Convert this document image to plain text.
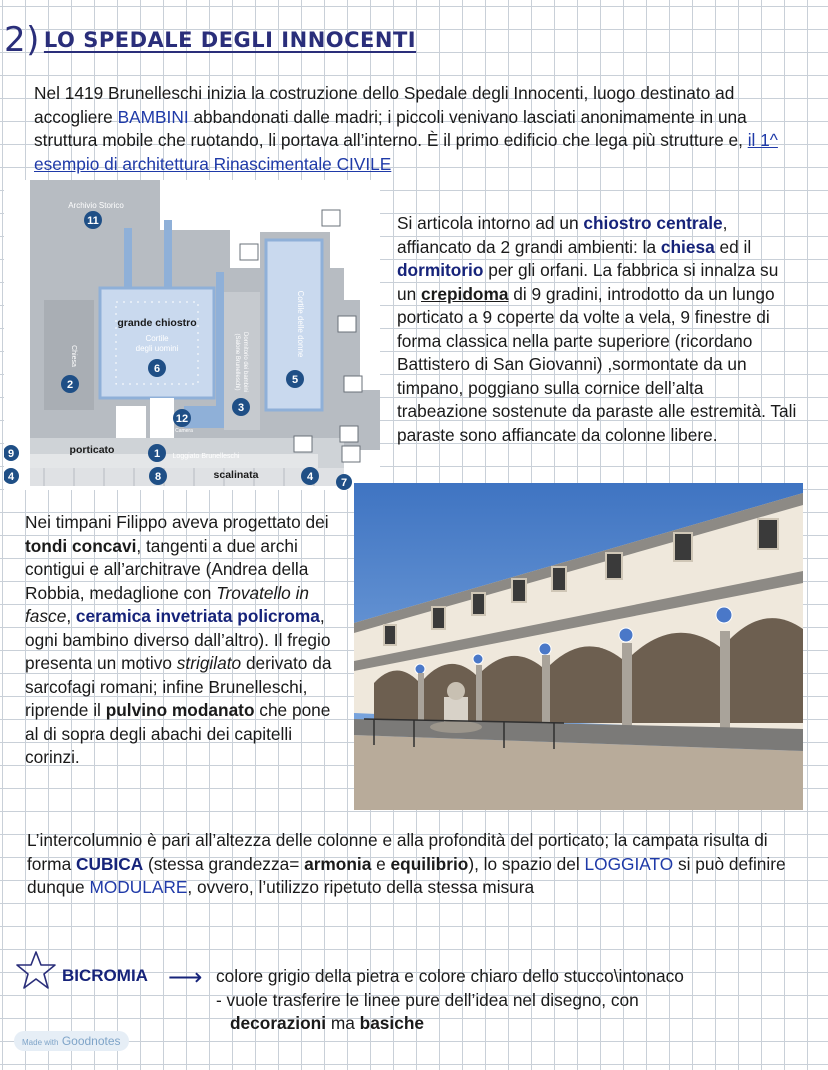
2) LO SPEDALE DEGLI INNOCENTI
Nel 1419 Brunelleschi inizia la costruzione dello Spedale degli Innocenti, luogo destinato ad accogliere BAMBINI abbandonati dalle madri; i piccoli venivano lasciati anonimamente in una struttura mobile che ruotando, li portava all’interno. È il primo edificio che lega più strutture e, il 1^ esempio di architettura Rinascimentale CIVILE
Archivio Storico
grande chiostro
Cortile
degli uomini
Chiesa	Dormitorio dei bambini
(Salone Brunelleschi)
Cortile delle donne
Camera
porticato
Loggiato Brunelleschi
scalinata
11
6
2
3
5
12
1
9
4	8	4	7
Si articola intorno ad un chiostro centrale, affiancato da 2 grandi ambienti: la chiesa ed il dormitorio per gli orfani. La fabbrica si innalza su un crepidoma di 9 gradini, introdotto da un lungo porticato a 9 coperte da volte a vela, 9 finestre di forma classica nella parte superiore (ricordano Battistero di San Giovanni) ,sormontate da un timpano, poggiano sulla cornice dell’alta trabeazione sostenute da paraste alle estremità. Tali paraste sono affiancate da colonne libere.
Nei timpani Filippo aveva progettato dei tondi concavi, tangenti a due archi contigui e all’architrave (Andrea della Robbia, medaglione con Trovatello in fasce, ceramica invetriata policroma, ogni bambino diverso dall’altro). Il fregio presenta un motivo strigilato derivato da sarcofagi romani; infine Brunelleschi, riprende il pulvino modanato che pone al di sopra degli abachi dei capitelli corinzi.
L’intercolumnio è pari all’altezza delle colonne e alla profondità del porticato; la campata risulta di forma CUBICA (stessa grandezza= armonia e equilibrio), lo spazio del LOGGIATO si può definire dunque MODULARE, ovvero, l’utilizzo ripetuto della stessa misura
BICROMIA ⟶ colore grigio della pietra e colore chiaro dello stucco\intonaco
- vuole trasferire le linee pure dell’idea nel disegno, con
decorazioni ma basiche
Made with Goodnotes
